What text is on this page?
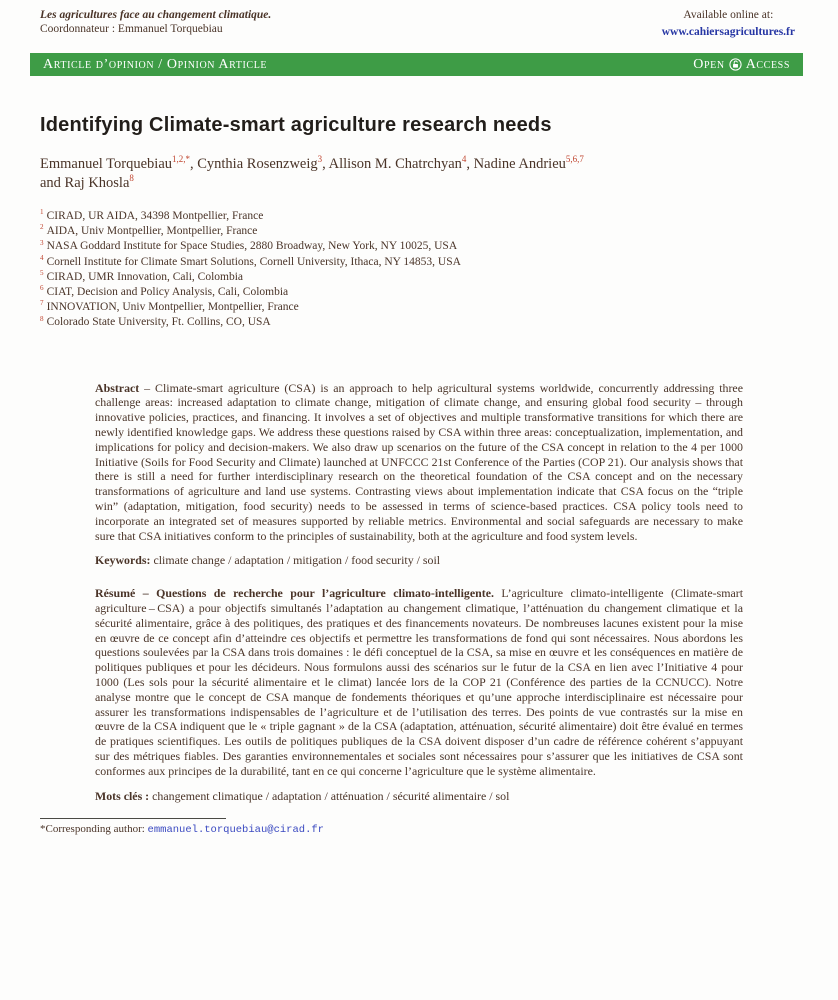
Les agricultures face au changement climatique.
Coordonnateur : Emmanuel Torquebiau
Available online at:
www.cahiersagricultures.fr
Article d’opinion / Opinion Article	Open Access
Identifying Climate-smart agriculture research needs
Emmanuel Torquebiau$^{1,2,*}$, Cynthia Rosenzweig$^3$, Allison M. Chatrchyan$^4$, Nadine Andrieu$^{5,6,7}$
and Raj Khosla$^8$
$^1$ CIRAD, UR AIDA, 34398 Montpellier, France
$^2$ AIDA, Univ Montpellier, Montpellier, France
$^3$ NASA Goddard Institute for Space Studies, 2880 Broadway, New York, NY 10025, USA
$^4$ Cornell Institute for Climate Smart Solutions, Cornell University, Ithaca, NY 14853, USA
$^5$ CIRAD, UMR Innovation, Cali, Colombia
$^6$ CIAT, Decision and Policy Analysis, Cali, Colombia
$^7$ INNOVATION, Univ Montpellier, Montpellier, France
$^8$ Colorado State University, Ft. Collins, CO, USA

Abstract – Climate-smart agriculture (CSA) is an approach to help agricultural systems worldwide, concurrently addressing three challenge areas: increased adaptation to climate change, mitigation of climate change, and ensuring global food security – through innovative policies, practices, and financing. It involves a set of objectives and multiple transformative transitions for which there are newly identified knowledge gaps. We address these questions raised by CSA within three areas: conceptualization, implementation, and implications for policy and decision-makers. We also draw up scenarios on the future of the CSA concept in relation to the 4 per 1000 Initiative (Soils for Food Security and Climate) launched at UNFCCC 21st Conference of the Parties (COP 21). Our analysis shows that there is still a need for further interdisciplinary research on the theoretical foundation of the CSA concept and on the necessary transformations of agriculture and land use systems. Contrasting views about implementation indicate that CSA focus on the “triple win” (adaptation, mitigation, food security) needs to be assessed in terms of science-based practices. CSA policy tools need to incorporate an integrated set of measures supported by reliable metrics. Environmental and social safeguards are necessary to make sure that CSA initiatives conform to the principles of sustainability, both at the agriculture and food system levels.

Keywords: climate change / adaptation / mitigation / food security / soil

Résumé – Questions de recherche pour l’agriculture climato-intelligente. L’agriculture climato-intelligente (Climate-smart agriculture – CSA) a pour objectifs simultanés l’adaptation au changement climatique, l’atténuation du changement climatique et la sécurité alimentaire, grâce à des politiques, des pratiques et des financements novateurs. De nombreuses lacunes existent pour la mise en œuvre de ce concept afin d’atteindre ces objectifs et permettre les transformations de fond qui sont nécessaires. Nous abordons les questions soulevées par la CSA dans trois domaines : le défi conceptuel de la CSA, sa mise en œuvre et les conséquences en matière de politiques publiques et pour les décideurs. Nous formulons aussi des scénarios sur le futur de la CSA en lien avec l’Initiative 4 pour 1000 (Les sols pour la sécurité alimentaire et le climat) lancée lors de la COP 21 (Conférence des parties de la CCNUCC). Notre analyse montre que le concept de CSA manque de fondements théoriques et qu’une approche interdisciplinaire est nécessaire pour assurer les transformations indispensables de l’agriculture et de l’utilisation des terres. Des points de vue contrastés sur la mise en œuvre de la CSA indiquent que le « triple gagnant » de la CSA (adaptation, atténuation, sécurité alimentaire) doit être évalué en termes de pratiques scientifiques. Les outils de politiques publiques de la CSA doivent disposer d’un cadre de référence cohérent s’appuyant sur des métriques fiables. Des garanties environnementales et sociales sont nécessaires pour s’assurer que les initiatives de CSA sont conformes aux principes de la durabilité, tant en ce qui concerne l’agriculture que le système alimentaire.

Mots clés : changement climatique / adaptation / atténuation / sécurité alimentaire / sol

*Corresponding author: emmanuel.torquebiau@cirad.fr
